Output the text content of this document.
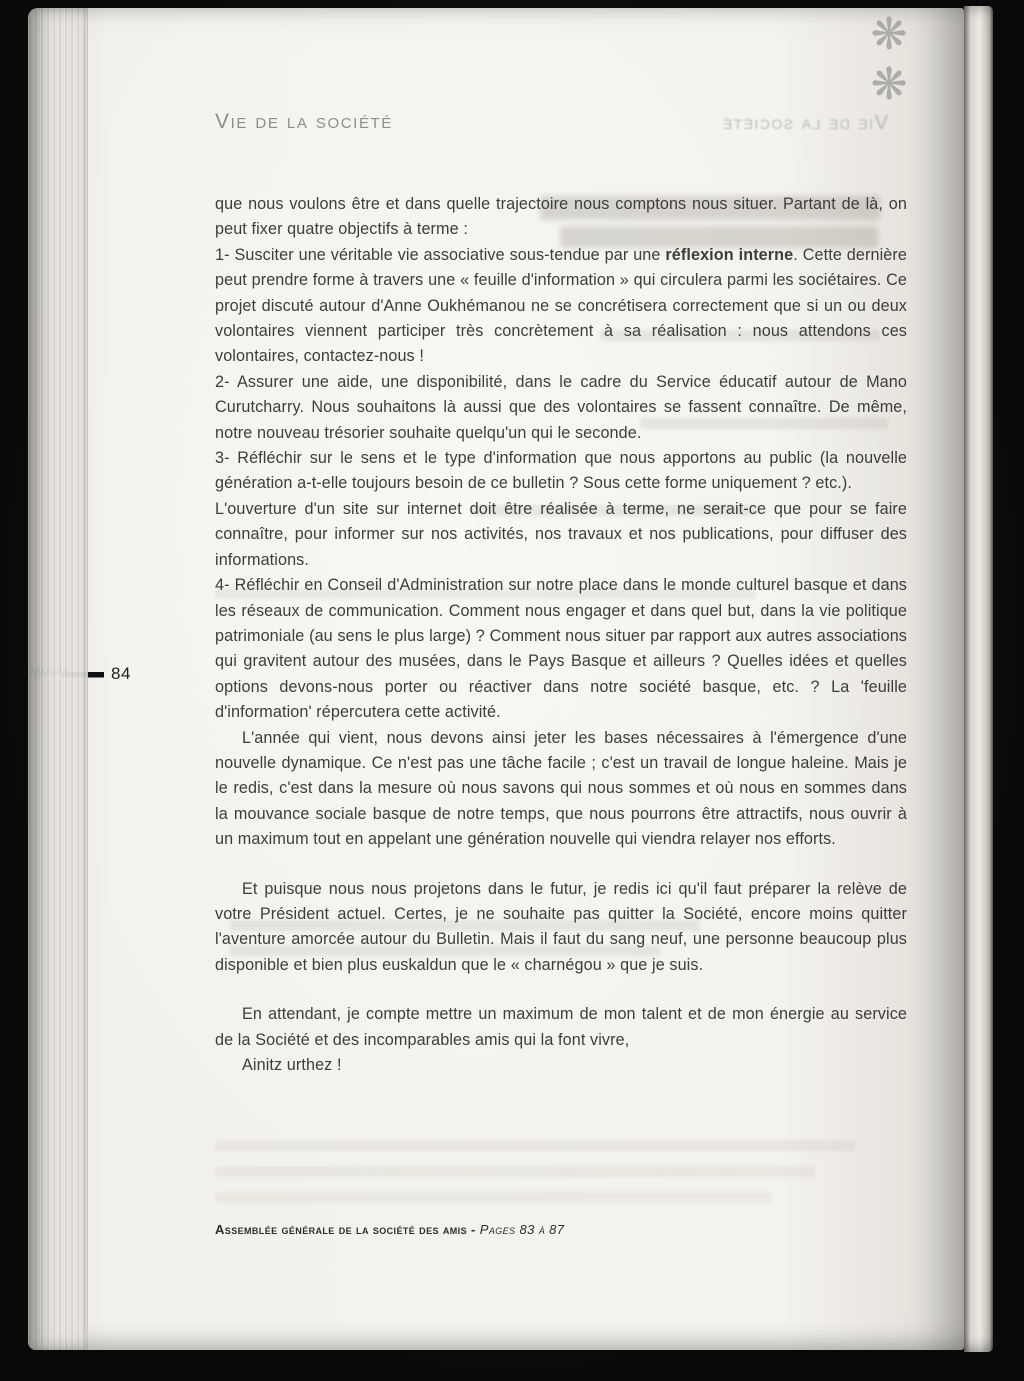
Vie de la société
❋
❋
Vie de la société
84

que nous voulons être et dans quelle trajectoire nous comptons nous situer. Partant de là, on peut fixer quatre objectifs à terme :

1- Susciter une véritable vie associative sous-tendue par une réflexion interne. Cette dernière peut prendre forme à travers une « feuille d'information » qui circulera parmi les sociétaires. Ce projet discuté autour d'Anne Oukhémanou ne se concrétisera correctement que si un ou deux volontaires viennent participer très concrètement à sa réalisation : nous attendons ces volontaires, contactez-nous !

2- Assurer une aide, une disponibilité, dans le cadre du Service éducatif autour de Mano Curutcharry. Nous souhaitons là aussi que des volontaires se fassent connaître. De même, notre nouveau trésorier souhaite quelqu'un qui le seconde.

3- Réfléchir sur le sens et le type d'information que nous apportons au public (la nouvelle génération a-t-elle toujours besoin de ce bulletin ? Sous cette forme uniquement ? etc.).

L'ouverture d'un site sur internet doit être réalisée à terme, ne serait-ce que pour se faire connaître, pour informer sur nos activités, nos travaux et nos publications, pour diffuser des informations.

4- Réfléchir en Conseil d'Administration sur notre place dans le monde culturel basque et dans les réseaux de communication. Comment nous engager et dans quel but, dans la vie politique patrimoniale (au sens le plus large) ? Comment nous situer par rapport aux autres associations qui gravitent autour des musées, dans le Pays Basque et ailleurs ? Quelles idées et quelles options devons-nous porter ou réactiver dans notre société basque, etc. ? La 'feuille d'information' répercutera cette activité.

L'année qui vient, nous devons ainsi jeter les bases nécessaires à l'émergence d'une nouvelle dynamique. Ce n'est pas une tâche facile ; c'est un travail de longue haleine. Mais je le redis, c'est dans la mesure où nous savons qui nous sommes et où nous en sommes dans la mouvance sociale basque de notre temps, que nous pourrons être attractifs, nous ouvrir à un maximum tout en appelant une génération nouvelle qui viendra relayer nos efforts.

Et puisque nous nous projetons dans le futur, je redis ici qu'il faut préparer la relève de votre Président actuel. Certes, je ne souhaite pas quitter la Société, encore moins quitter l'aventure amorcée autour du Bulletin. Mais il faut du sang neuf, une personne beaucoup plus disponible et bien plus euskaldun que le « charnégou » que je suis.

En attendant, je compte mettre un maximum de mon talent et de mon énergie au service de la Société et des incomparables amis qui la font vivre,

Ainitz urthez !

Assemblée générale de la société des amis - Pages 83 à 87
